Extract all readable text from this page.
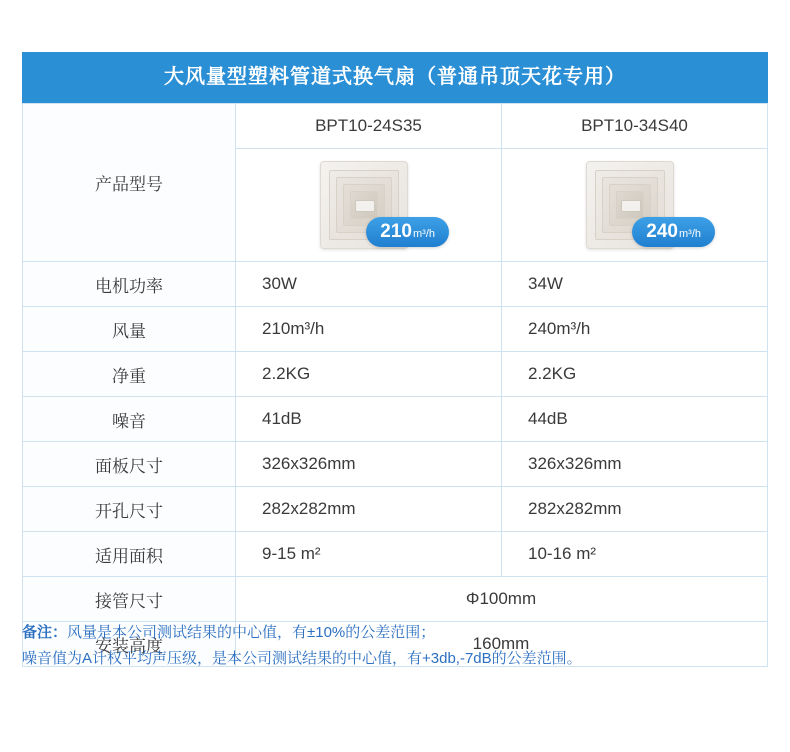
大风量型塑料管道式换气扇（普通吊顶天花专用）
产品型号	BPT10-24S35	BPT10-34S40

	210m³/h	240m³/h

电机功率	30W	34W
风量	210m³/h	240m³/h
净重	2.2KG	2.2KG
噪音	41dB	44dB
面板尺寸	326x326mm	326x326mm
开孔尺寸	282x282mm	282x282mm
适用面积	9-15 m²	10-16 m²
接管尺寸	Φ100mm	
安装高度	160mm	
备注：风量是本公司测试结果的中心值，有±10%的公差范围；
噪音值为A计权平均声压级，是本公司测试结果的中心值，有+3db,-7dB的公差范围。
